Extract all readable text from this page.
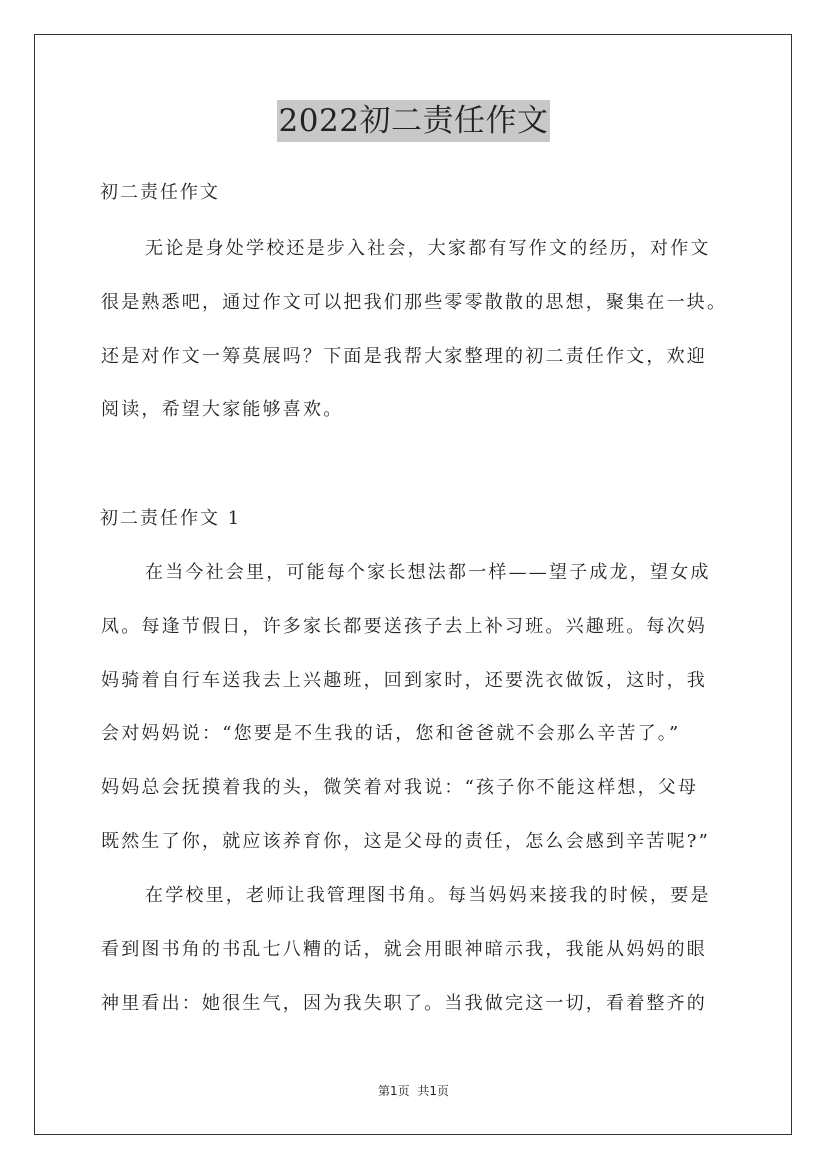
2022初二责任作文
初二责任作文
无论是身处学校还是步入社会，大家都有写作文的经历，对作文
很是熟悉吧，通过作文可以把我们那些零零散散的思想，聚集在一块。
还是对作文一筹莫展吗？下面是我帮大家整理的初二责任作文，欢迎
阅读，希望大家能够喜欢。
初二责任作文 1
在当今社会里，可能每个家长想法都一样——望子成龙，望女成
凤。每逢节假日，许多家长都要送孩子去上补习班。兴趣班。每次妈
妈骑着自行车送我去上兴趣班，回到家时，还要洗衣做饭，这时，我
会对妈妈说：“您要是不生我的话，您和爸爸就不会那么辛苦了。”
妈妈总会抚摸着我的头，微笑着对我说：“孩子你不能这样想，父母
既然生了你，就应该养育你，这是父母的责任，怎么会感到辛苦呢?”
在学校里，老师让我管理图书角。每当妈妈来接我的时候，要是
看到图书角的书乱七八糟的话，就会用眼神暗示我，我能从妈妈的眼
神里看出：她很生气，因为我失职了。当我做完这一切，看着整齐的
第1页 共1页
